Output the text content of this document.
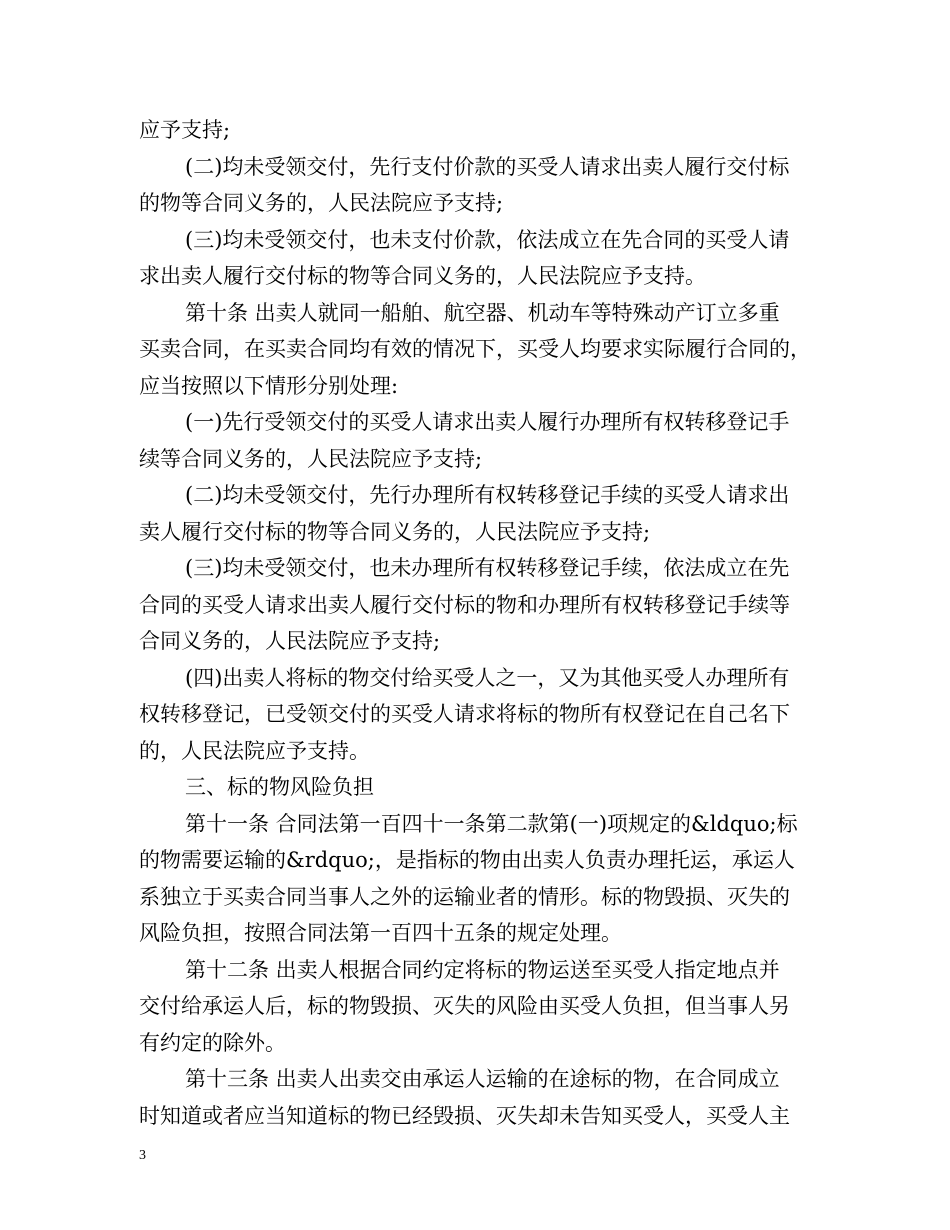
应予支持;
(二)均未受领交付，先行支付价款的买受人请求出卖人履行交付标
的物等合同义务的，人民法院应予支持;
(三)均未受领交付，也未支付价款，依法成立在先合同的买受人请
求出卖人履行交付标的物等合同义务的，人民法院应予支持。
第十条 出卖人就同一船舶、航空器、机动车等特殊动产订立多重
买卖合同，在买卖合同均有效的情况下，买受人均要求实际履行合同的，
应当按照以下情形分别处理:
(一)先行受领交付的买受人请求出卖人履行办理所有权转移登记手
续等合同义务的，人民法院应予支持;
(二)均未受领交付，先行办理所有权转移登记手续的买受人请求出
卖人履行交付标的物等合同义务的，人民法院应予支持;
(三)均未受领交付，也未办理所有权转移登记手续，依法成立在先
合同的买受人请求出卖人履行交付标的物和办理所有权转移登记手续等
合同义务的，人民法院应予支持;
(四)出卖人将标的物交付给买受人之一，又为其他买受人办理所有
权转移登记，已受领交付的买受人请求将标的物所有权登记在自己名下
的，人民法院应予支持。
三、标的物风险负担
第十一条 合同法第一百四十一条第二款第(一)项规定的&ldquo;标
的物需要运输的&rdquo;，是指标的物由出卖人负责办理托运，承运人
系独立于买卖合同当事人之外的运输业者的情形。标的物毁损、灭失的
风险负担，按照合同法第一百四十五条的规定处理。
第十二条 出卖人根据合同约定将标的物运送至买受人指定地点并
交付给承运人后，标的物毁损、灭失的风险由买受人负担，但当事人另
有约定的除外。
第十三条 出卖人出卖交由承运人运输的在途标的物，在合同成立
时知道或者应当知道标的物已经毁损、灭失却未告知买受人，买受人主
3
